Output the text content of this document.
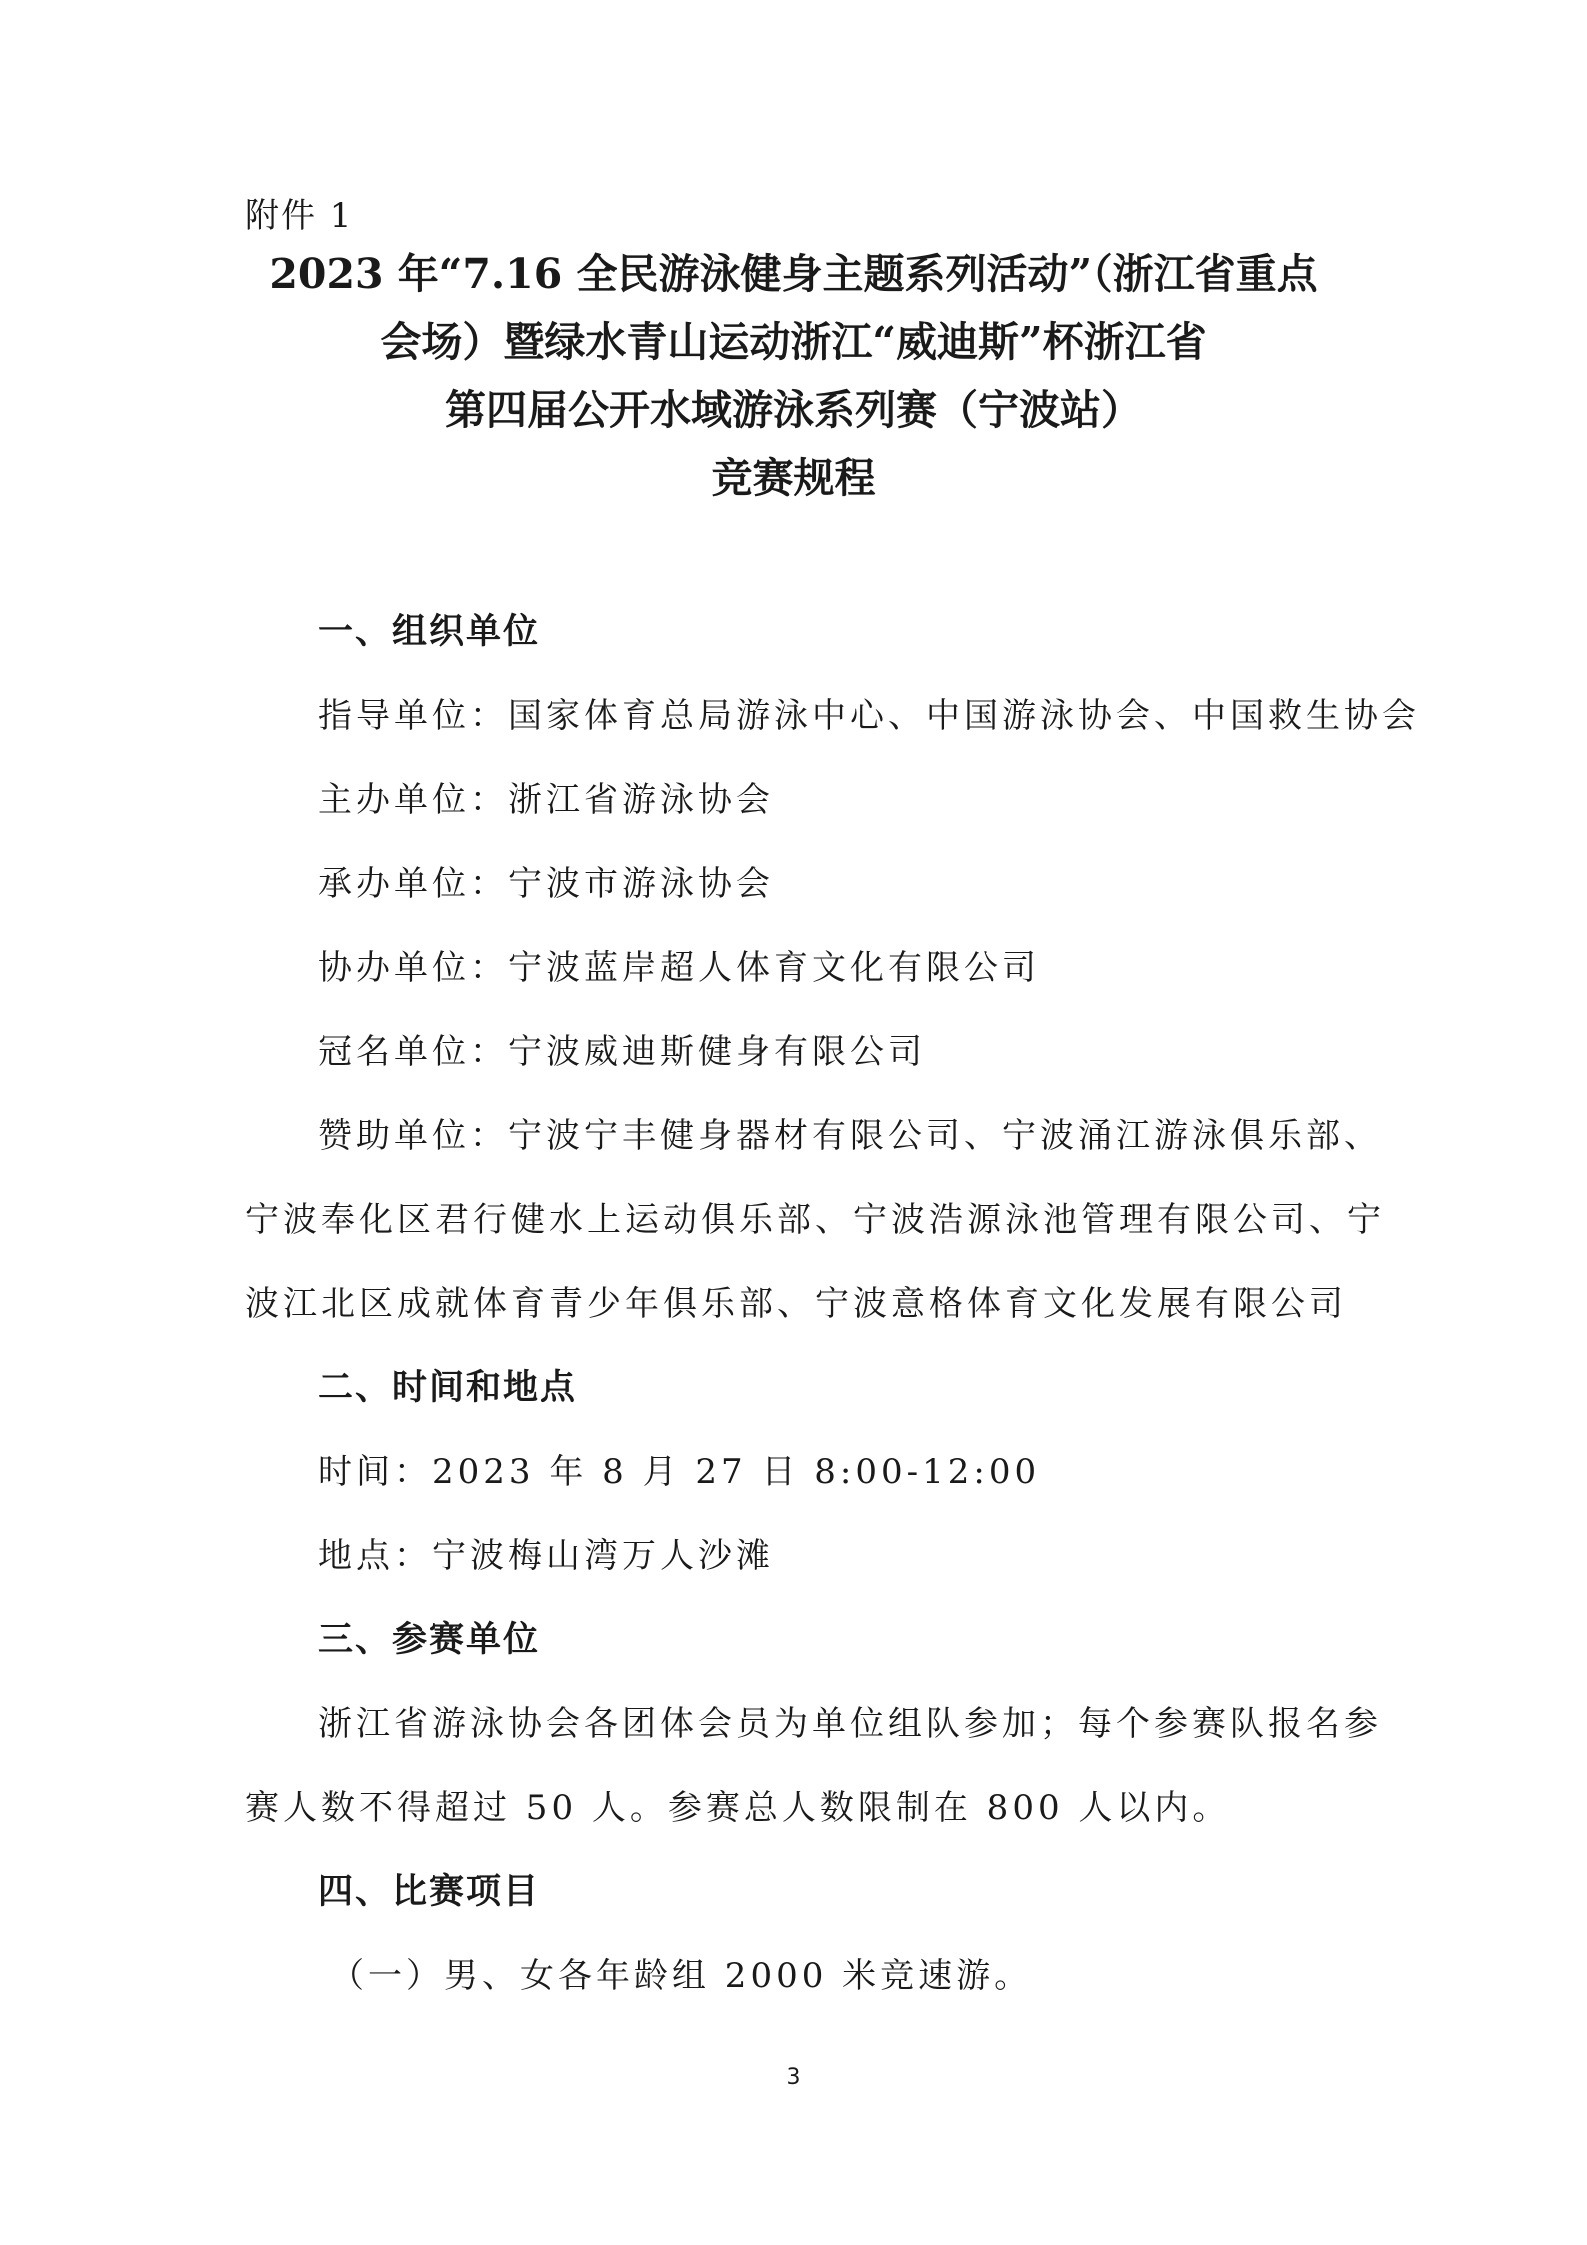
附件 1
2023 年“7.16 全民游泳健身主题系列活动”（浙江省重点
会场）暨绿水青山运动浙江“威迪斯”杯浙江省
第四届公开水域游泳系列赛（宁波站）
竞赛规程
一、组织单位
指导单位：国家体育总局游泳中心、中国游泳协会、中国救生协会
主办单位：浙江省游泳协会
承办单位：宁波市游泳协会
协办单位：宁波蓝岸超人体育文化有限公司
冠名单位：宁波威迪斯健身有限公司
赞助单位：宁波宁丰健身器材有限公司、宁波涌江游泳俱乐部、
宁波奉化区君行健水上运动俱乐部、宁波浩源泳池管理有限公司、宁
波江北区成就体育青少年俱乐部、宁波意格体育文化发展有限公司
二、时间和地点
时间：2023 年 8 月 27 日 8:00-12:00
地点：宁波梅山湾万人沙滩
三、参赛单位
浙江省游泳协会各团体会员为单位组队参加；每个参赛队报名参
赛人数不得超过 50 人。参赛总人数限制在 800 人以内。
四、比赛项目
（一）男、女各年龄组 2000 米竞速游。
3
